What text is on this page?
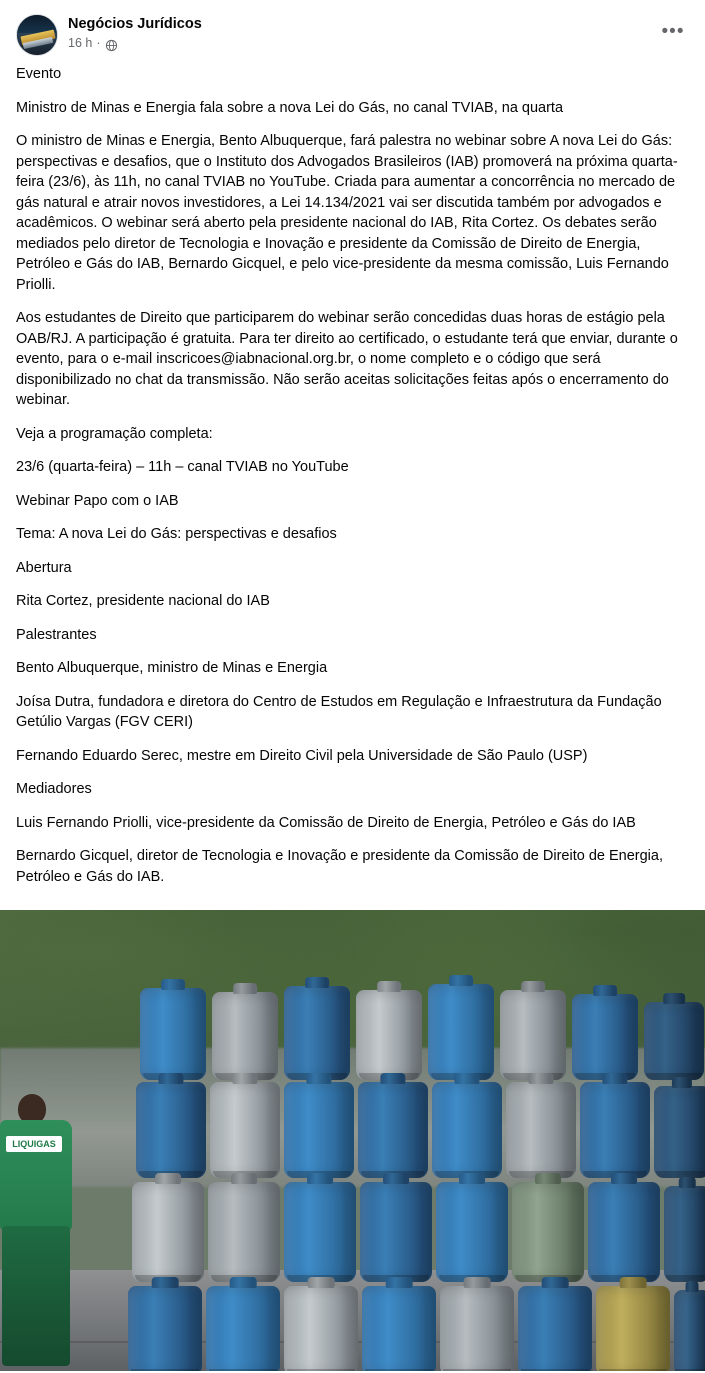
Negócios Jurídicos
16 h ·
•••

Evento

Ministro de Minas e Energia fala sobre a nova Lei do Gás, no canal TVIAB, na quarta

O ministro de Minas e Energia, Bento Albuquerque, fará palestra no webinar sobre A nova Lei do Gás: perspectivas e desafios, que o Instituto dos Advogados Brasileiros (IAB) promoverá na próxima quarta-feira (23/6), às 11h, no canal TVIAB no YouTube. Criada para aumentar a concorrência no mercado de gás natural e atrair novos investidores, a Lei 14.134/2021 vai ser discutida também por advogados e acadêmicos. O webinar será aberto pela presidente nacional do IAB, Rita Cortez. Os debates serão mediados pelo diretor de Tecnologia e Inovação e presidente da Comissão de Direito de Energia, Petróleo e Gás do IAB, Bernardo Gicquel, e pelo vice-presidente da mesma comissão, Luis Fernando Priolli.

Aos estudantes de Direito que participarem do webinar serão concedidas duas horas de estágio pela OAB/RJ. A participação é gratuita. Para ter direito ao certificado, o estudante terá que enviar, durante o evento, para o e-mail inscricoes@iabnacional.org.br, o nome completo e o código que será disponibilizado no chat da transmissão. Não serão aceitas solicitações feitas após o encerramento do webinar.

Veja a programação completa:

23/6 (quarta-feira) – 11h – canal TVIAB no YouTube

Webinar Papo com o IAB

Tema: A nova Lei do Gás: perspectivas e desafios

Abertura

Rita Cortez, presidente nacional do IAB

Palestrantes

Bento Albuquerque, ministro de Minas e Energia

Joísa Dutra, fundadora e diretora do Centro de Estudos em Regulação e Infraestrutura da Fundação Getúlio Vargas (FGV CERI)

Fernando Eduardo Serec, mestre em Direito Civil pela Universidade de São Paulo (USP)

Mediadores

Luis Fernando Priolli, vice-presidente da Comissão de Direito de Energia, Petróleo e Gás do IAB

Bernardo Gicquel, diretor de Tecnologia e Inovação e presidente da Comissão de Direito de Energia, Petróleo e Gás do IAB.

LIQUIGAS
